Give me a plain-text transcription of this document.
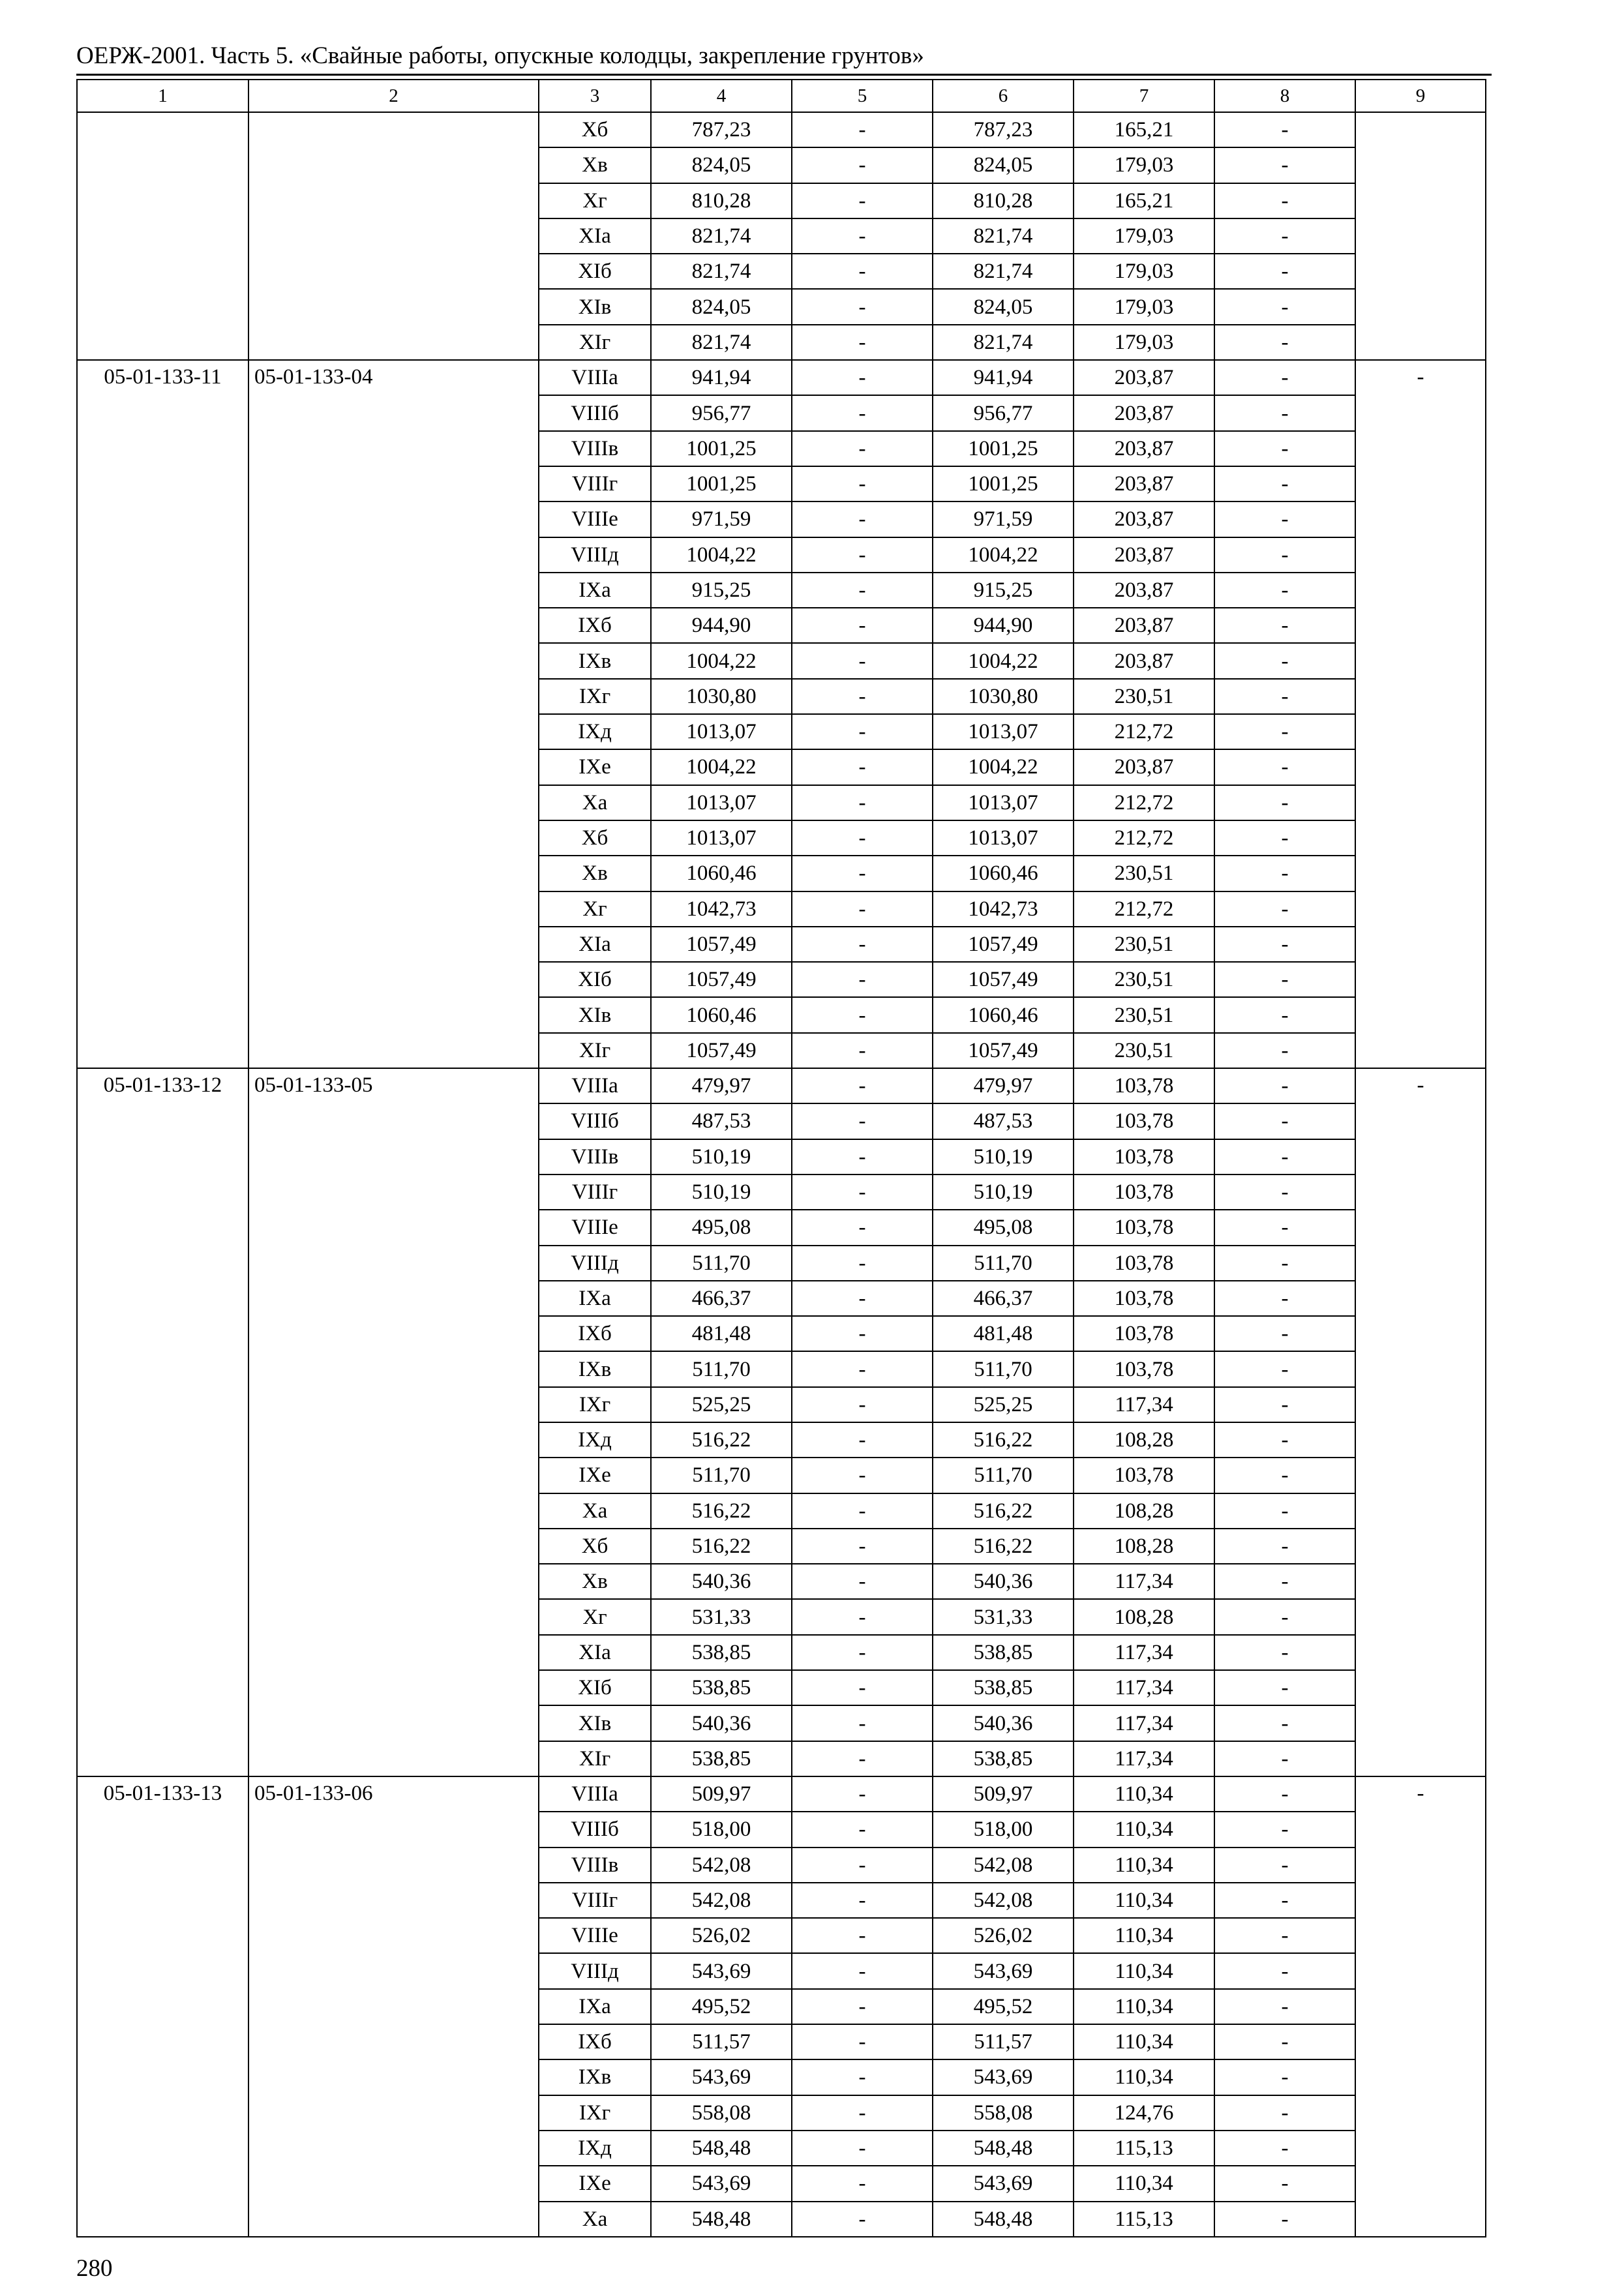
ОЕРЖ-2001. Часть 5. «Свайные работы, опускные колодцы, закрепление грунтов»
1	2	3	4	5	6	7	8	9
		Хб	787,23	-	787,23	165,21	-	
		Хв	824,05	-	824,05	179,03	-	
		Хг	810,28	-	810,28	165,21	-	
		ХIа	821,74	-	821,74	179,03	-	
		ХIб	821,74	-	821,74	179,03	-	
		ХIв	824,05	-	824,05	179,03	-	
		ХIг	821,74	-	821,74	179,03	-	
05-01-133-11	05-01-133-04	VIIIа	941,94	-	941,94	203,87	-	-
		VIIIб	956,77	-	956,77	203,87	-	
		VIIIв	1001,25	-	1001,25	203,87	-	
		VIIIг	1001,25	-	1001,25	203,87	-	
		VIIIе	971,59	-	971,59	203,87	-	
		VIIIд	1004,22	-	1004,22	203,87	-	
		IХа	915,25	-	915,25	203,87	-	
		IХб	944,90	-	944,90	203,87	-	
		IХв	1004,22	-	1004,22	203,87	-	
		IХг	1030,80	-	1030,80	230,51	-	
		IХд	1013,07	-	1013,07	212,72	-	
		IХе	1004,22	-	1004,22	203,87	-	
		Ха	1013,07	-	1013,07	212,72	-	
		Хб	1013,07	-	1013,07	212,72	-	
		Хв	1060,46	-	1060,46	230,51	-	
		Хг	1042,73	-	1042,73	212,72	-	
		ХIа	1057,49	-	1057,49	230,51	-	
		ХIб	1057,49	-	1057,49	230,51	-	
		ХIв	1060,46	-	1060,46	230,51	-	
		ХIг	1057,49	-	1057,49	230,51	-	
05-01-133-12	05-01-133-05	VIIIа	479,97	-	479,97	103,78	-	-
		VIIIб	487,53	-	487,53	103,78	-	
		VIIIв	510,19	-	510,19	103,78	-	
		VIIIг	510,19	-	510,19	103,78	-	
		VIIIе	495,08	-	495,08	103,78	-	
		VIIIд	511,70	-	511,70	103,78	-	
		IХа	466,37	-	466,37	103,78	-	
		IХб	481,48	-	481,48	103,78	-	
		IХв	511,70	-	511,70	103,78	-	
		IХг	525,25	-	525,25	117,34	-	
		IХд	516,22	-	516,22	108,28	-	
		IХе	511,70	-	511,70	103,78	-	
		Ха	516,22	-	516,22	108,28	-	
		Хб	516,22	-	516,22	108,28	-	
		Хв	540,36	-	540,36	117,34	-	
		Хг	531,33	-	531,33	108,28	-	
		ХIа	538,85	-	538,85	117,34	-	
		ХIб	538,85	-	538,85	117,34	-	
		ХIв	540,36	-	540,36	117,34	-	
		ХIг	538,85	-	538,85	117,34	-	
05-01-133-13	05-01-133-06	VIIIа	509,97	-	509,97	110,34	-	-
		VIIIб	518,00	-	518,00	110,34	-	
		VIIIв	542,08	-	542,08	110,34	-	
		VIIIг	542,08	-	542,08	110,34	-	
		VIIIе	526,02	-	526,02	110,34	-	
		VIIIд	543,69	-	543,69	110,34	-	
		IХа	495,52	-	495,52	110,34	-	
		IХб	511,57	-	511,57	110,34	-	
		IХв	543,69	-	543,69	110,34	-	
		IХг	558,08	-	558,08	124,76	-	
		IХд	548,48	-	548,48	115,13	-	
		IХе	543,69	-	543,69	110,34	-	
		Ха	548,48	-	548,48	115,13	-	
280
